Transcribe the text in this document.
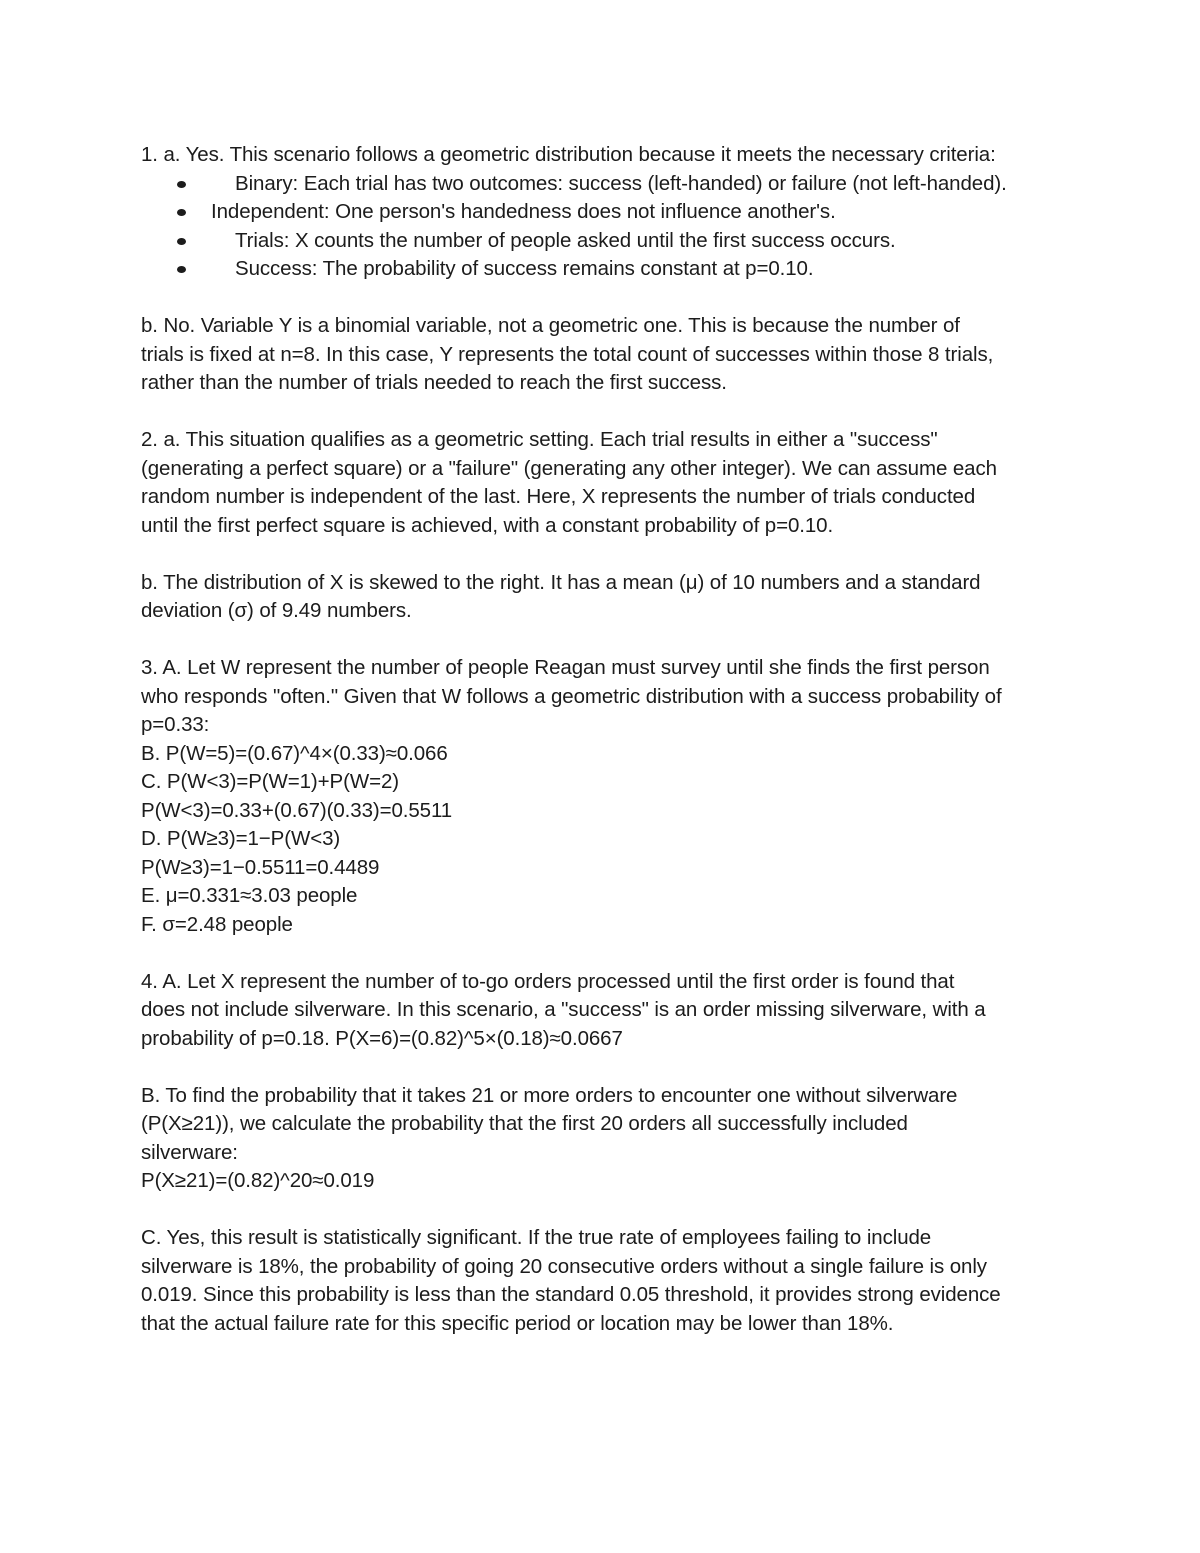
1. a. Yes. This scenario follows a geometric distribution because it meets the necessary criteria:

Binary: Each trial has two outcomes: success (left-handed) or failure (not left-handed).
Independent: One person's handedness does not influence another's.
Trials: X counts the number of people asked until the first success occurs.
Success: The probability of success remains constant at p=0.10.

b. No. Variable Y is a binomial variable, not a geometric one. This is because the number of

trials is fixed at n=8. In this case, Y represents the total count of successes within those 8 trials,

rather than the number of trials needed to reach the first success.

2. a. This situation qualifies as a geometric setting. Each trial results in either a "success"

(generating a perfect square) or a "failure" (generating any other integer). We can assume each

random number is independent of the last. Here, X represents the number of trials conducted

until the first perfect square is achieved, with a constant probability of p=0.10.

b. The distribution of X is skewed to the right. It has a mean (μ) of 10 numbers and a standard

deviation (σ) of 9.49 numbers.

3. A. Let W represent the number of people Reagan must survey until she finds the first person

who responds "often." Given that W follows a geometric distribution with a success probability of

p=0.33:

B. P(W=5)=(0.67)^4×(0.33)≈0.066

C. P(W<3)=P(W=1)+P(W=2)

P(W<3)=0.33+(0.67)(0.33)=0.5511

D. P(W≥3)=1−P(W<3)

P(W≥3)=1−0.5511=0.4489

E. μ=0.331≈3.03 people

F. σ=2.48 people

4. A. Let X represent the number of to-go orders processed until the first order is found that

does not include silverware. In this scenario, a "success" is an order missing silverware, with a

probability of p=0.18. P(X=6)=(0.82)^5×(0.18)≈0.0667

B. To find the probability that it takes 21 or more orders to encounter one without silverware

(P(X≥21)), we calculate the probability that the first 20 orders all successfully included

silverware:

P(X≥21)=(0.82)^20≈0.019

C. Yes, this result is statistically significant. If the true rate of employees failing to include

silverware is 18%, the probability of going 20 consecutive orders without a single failure is only

0.019. Since this probability is less than the standard 0.05 threshold, it provides strong evidence

that the actual failure rate for this specific period or location may be lower than 18%.
